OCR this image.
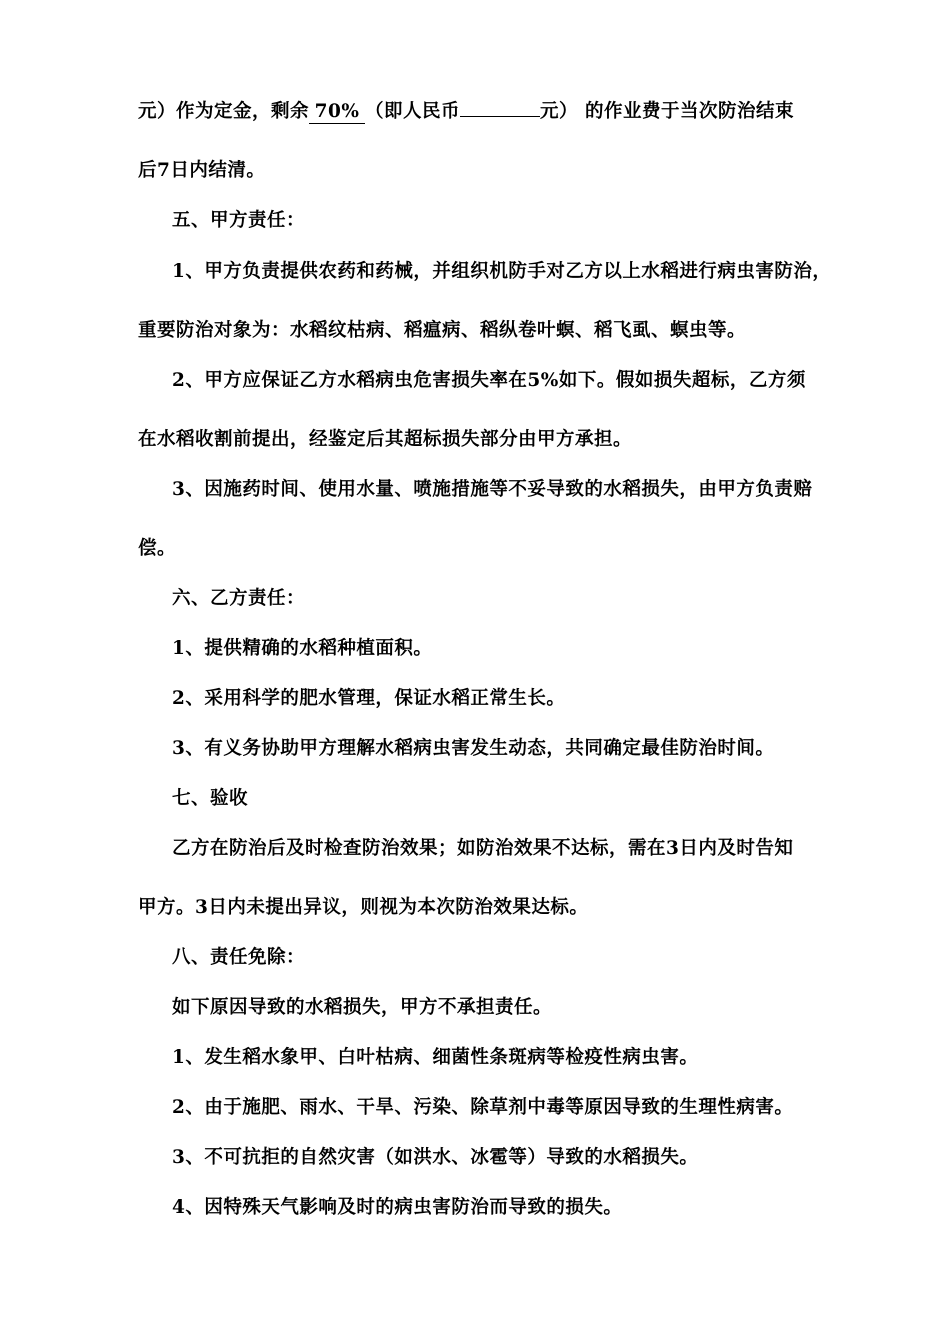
元）作为定金，剩余 70% （即人民币	元） 的作业费于当次防治结束
后7日内结清。
五、甲方责任：
1、甲方负责提供农药和药械，并组织机防手对乙方以上水稻进行病虫害防治，
重要防治对象为：水稻纹枯病、稻瘟病、稻纵卷叶螟、稻飞虱、螟虫等。
2、甲方应保证乙方水稻病虫危害损失率在5%如下。假如损失超标，乙方须
在水稻收割前提出，经鉴定后其超标损失部分由甲方承担。
3、因施药时间、使用水量、喷施措施等不妥导致的水稻损失，由甲方负责赔
偿。
六、乙方责任：
1、提供精确的水稻种植面积。
2、采用科学的肥水管理，保证水稻正常生长。
3、有义务协助甲方理解水稻病虫害发生动态，共同确定最佳防治时间。
七、验收
乙方在防治后及时检查防治效果；如防治效果不达标，需在3日内及时告知
甲方。3日内未提出异议，则视为本次防治效果达标。
八、责任免除：
如下原因导致的水稻损失，甲方不承担责任。
1、发生稻水象甲、白叶枯病、细菌性条斑病等检疫性病虫害。
2、由于施肥、雨水、干旱、污染、除草剂中毒等原因导致的生理性病害。
3、不可抗拒的自然灾害（如洪水、冰雹等）导致的水稻损失。
4、因特殊天气影响及时的病虫害防治而导致的损失。
